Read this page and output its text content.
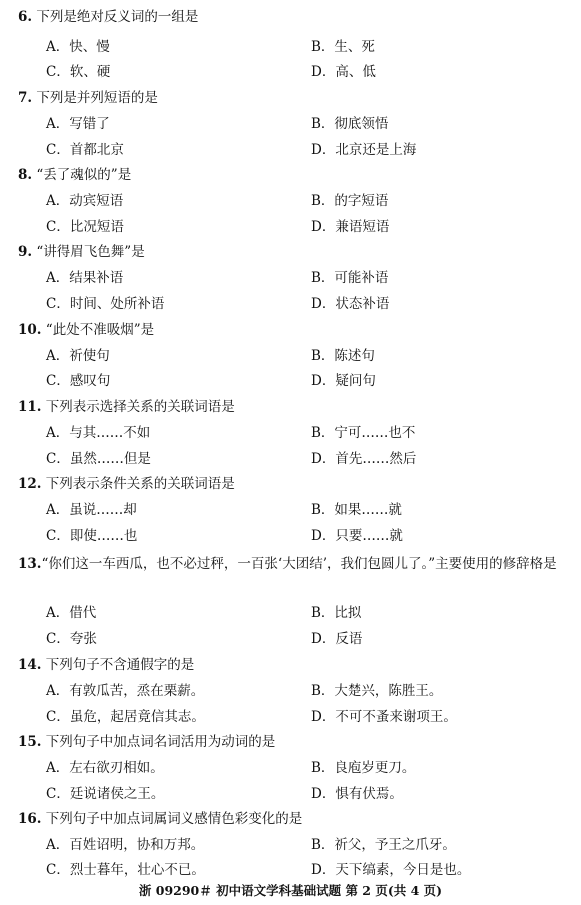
6. 下列是绝对反义词的一组是
A．快、慢	B．生、死
C．软、硬	D．高、低
7. 下列是并列短语的是
A．写错了	B．彻底领悟
C．首都北京	D．北京还是上海
8. “丢了魂似的”是
A．动宾短语	B．的字短语
C．比况短语	D．兼语短语
9. “讲得眉飞色舞”是
A．结果补语	B．可能补语
C．时间、处所补语	D．状态补语
10. “此处不准吸烟”是
A．祈使句	B．陈述句
C．感叹句	D．疑问句
11. 下列表示选择关系的关联词语是
A．与其……不如	B．宁可……也不
C．虽然……但是	D．首先……然后
12. 下列表示条件关系的关联词语是
A．虽说……却	B．如果……就
C．即使……也	D．只要……就
13.“你们这一车西瓜，也不必过秤，一百张‘大团结’，我们包圆儿了。”主要使用的修辞格是
A．借代	B．比拟
C．夸张	D．反语
14. 下列句子不含通假字的是
A．有敦瓜苦，烝在栗薪。	B．大楚兴，陈胜王。
C．虽危，起居竟信其志。	D．不可不蚤来谢项王。
15. 下列句子中加点词名词活用为动词的是
A．左右欲刃相如。	B．良庖岁更刀。
C．廷说诸侯之王。	D．惧有伏焉。
16. 下列句子中加点词属词义感情色彩变化的是
A．百姓诏明，协和万邦。	B．祈父，予王之爪牙。
C．烈士暮年，壮心不已。	D．天下缟素，今日是也。
浙 09290＃ 初中语文学科基础试题 第 2 页(共 4 页)
